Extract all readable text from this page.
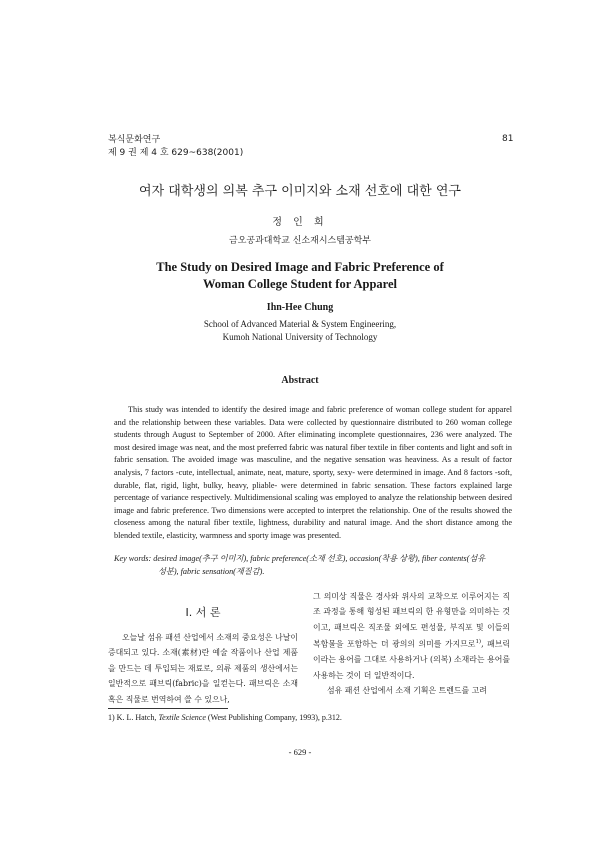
복식문화연구
제 9 권 제 4 호 629~638(2001)
81
여자 대학생의 의복 추구 이미지와 소재 선호에 대한 연구
정 인 희
금오공과대학교 신소재시스템공학부
The Study on Desired Image and Fabric Preference of
Woman College Student for Apparel
Ihn-Hee Chung
School of Advanced Material & System Engineering,
Kumoh National University of Technology
Abstract

This study was intended to identify the desired image and fabric preference of woman college student for apparel and the relationship between these variables. Data were collected by questionnaire distributed to 260 woman college students through August to September of 2000. After eliminating incomplete questionnaires, 236 were analyzed. The most desired image was neat, and the most preferred fabric was natural fiber textile in fiber contents and light and soft in fabric sensation. The avoided image was masculine, and the negative sensation was heaviness. As a result of factor analysis, 7 factors -cute, intellectual, animate, neat, mature, sporty, sexy- were determined in image. And 8 factors -soft, durable, flat, rigid, light, bulky, heavy, pliable- were determined in fabric sensation. These factors explained large percentage of variance respectively. Multidimensional scaling was employed to analyze the relationship between desired image and fabric preference. Two dimensions were accepted to interpret the relationship. One of the results showed the closeness among the natural fiber textile, lightness, durability and natural image. And the short distance among the blended textile, elasticity, warmness and sporty image was presented.

Key words: desired image(추구 이미지), fabric preference(소재 선호), occasion(착용 상황), fiber contents(섬유
성분), fabric sensation(재질감).
Ⅰ. 서 론

오늘날 섬유 패션 산업에서 소재의 중요성은 나날이 증대되고 있다. 소재(素材)란 예술 작품이나 산업 제품을 만드는 데 투입되는 재료로, 의류 제품의 생산에서는 일반적으로 패브릭(fabric)을 일컫는다. 패브릭은 소재 혹은 직물로 번역하여 쓸 수 있으나,

그 의미상 직물은 경사와 위사의 교착으로 이루어지는 직조 과정을 통해 형성된 패브릭의 한 유형만을 의미하는 것이고, 패브릭은 직조물 외에도 편성물, 부직포 및 이들의 복합물을 포함하는 더 광의의 의미를 가지므로$^{1)}$, 패브릭이라는 용어를 그대로 사용하거나 (의복) 소재라는 용어를 사용하는 것이 더 일반적이다.

섬유 패션 산업에서 소재 기획은 트렌드를 고려

1) K. L. Hatch, Textile Science (West Publishing Company, 1993), p.312.
- 629 -
